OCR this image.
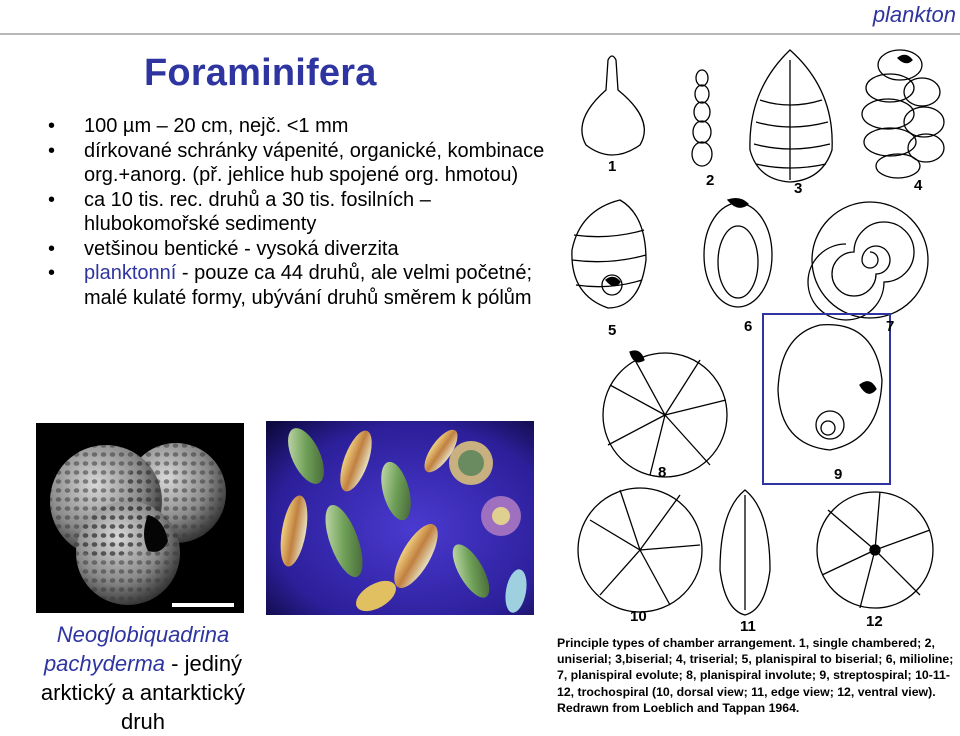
plankton
Foraminifera
• 100 µm – 20 cm, nejč. <1 mm
• dírkované schránky vápenité, organické, kombinace org.+anorg. (př. jehlice hub spojené org. hmotou)
• ca 10 tis. rec. druhů a 30 tis. fosilních – hlubokomořské sedimenty
• vetšinou bentické - vysoká diverzita
• planktonní - pouze ca 44 druhů, ale velmi početné; malé kulaté formy, ubývání druhů směrem k pólům
Neoglobiquadrina pachyderma - jediný arktický a antarktický druh
1
2	3	4
5	6	7
8	9
10
11	12
Principle types of chamber arrangement. 1, single chambered; 2, uniserial; 3,biserial; 4, triserial; 5, planispiral to biserial; 6, milioline; 7, planispiral evolute; 8, planispiral involute; 9, streptospiral; 10-11-12, trochospiral (10, dorsal view; 11, edge view; 12, ventral view). Redrawn from Loeblich and Tappan 1964.
